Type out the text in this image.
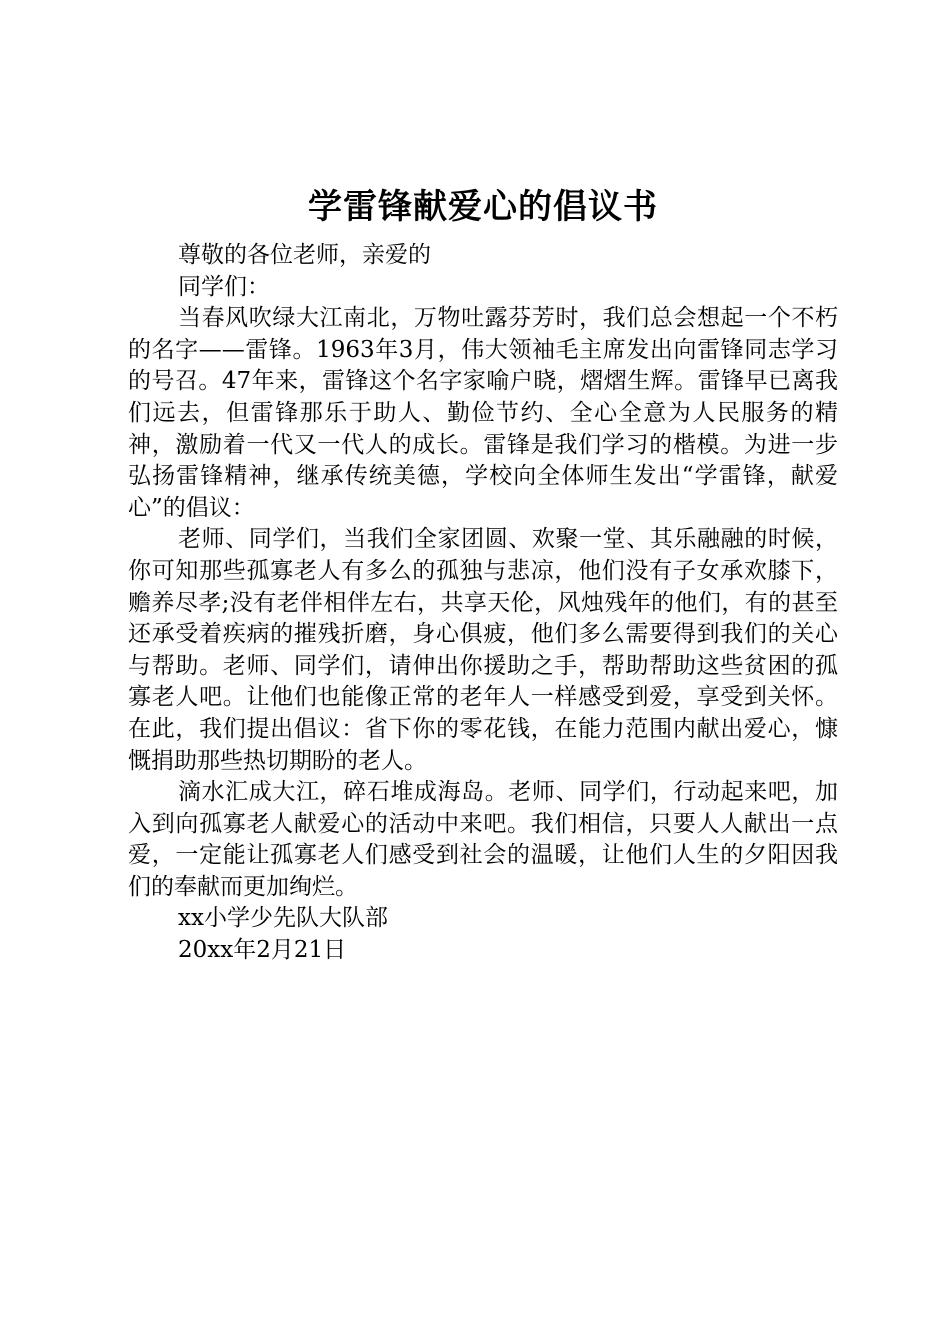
学雷锋献爱心的倡议书

尊敬的各位老师，亲爱的

同学们：

当春风吹绿大江南北，万物吐露芬芳时，我们总会想起一个不朽的名字——雷锋。1963年3月，伟大领袖毛主席发出向雷锋同志学习的号召。47年来，雷锋这个名字家喻户晓，熠熠生辉。雷锋早已离我们远去，但雷锋那乐于助人、勤俭节约、全心全意为人民服务的精神，激励着一代又一代人的成长。雷锋是我们学习的楷模。为进一步弘扬雷锋精神，继承传统美德，学校向全体师生发出“学雷锋，献爱心”的倡议：

老师、同学们，当我们全家团圆、欢聚一堂、其乐融融的时候，你可知那些孤寡老人有多么的孤独与悲凉，他们没有子女承欢膝下，赡养尽孝;没有老伴相伴左右，共享天伦，风烛残年的他们，有的甚至还承受着疾病的摧残折磨，身心俱疲，他们多么需要得到我们的关心与帮助。老师、同学们，请伸出你援助之手，帮助帮助这些贫困的孤寡老人吧。让他们也能像正常的老年人一样感受到爱，享受到关怀。在此，我们提出倡议：省下你的零花钱，在能力范围内献出爱心，慷慨捐助那些热切期盼的老人。

滴水汇成大江，碎石堆成海岛。老师、同学们，行动起来吧，加入到向孤寡老人献爱心的活动中来吧。我们相信，只要人人献出一点爱，一定能让孤寡老人们感受到社会的温暖，让他们人生的夕阳因我们的奉献而更加绚烂。

xx小学少先队大队部

20xx年2月21日
